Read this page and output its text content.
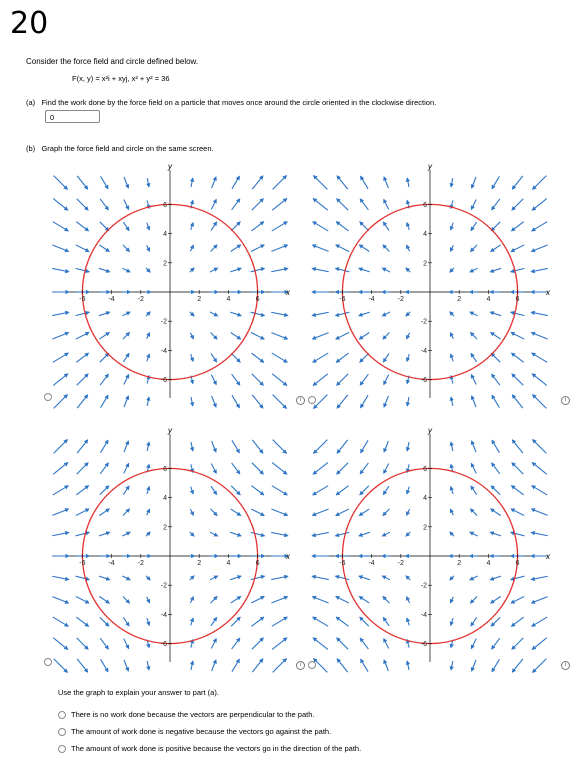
20
Consider the force field and circle defined below.
F(x, y) = x²i + xyj, x² + y² = 36
(a) Find the work done by the force field on a particle that moves once around the circle oriented in the clockwise direction.
0
(b) Graph the force field and circle on the same screen.
-6	-4	-2	2	4	6
6
4
2
-2
-4
-6
x
y
-6	-4	-2	2	4	6
6
4
2
-2
-4
-6
x
y
-6	-4	-2	2	4	6
6
4
2
-2
-4
-6
x
y
-6	-4	-2	2	4	6
6
4
2
-2
-4
-6
x
y
i	i
i	i
Use the graph to explain your answer to part (a).
There is no work done because the vectors are perpendicular to the path.
The amount of work done is negative because the vectors go against the path.
The amount of work done is positive because the vectors go in the direction of the path.
